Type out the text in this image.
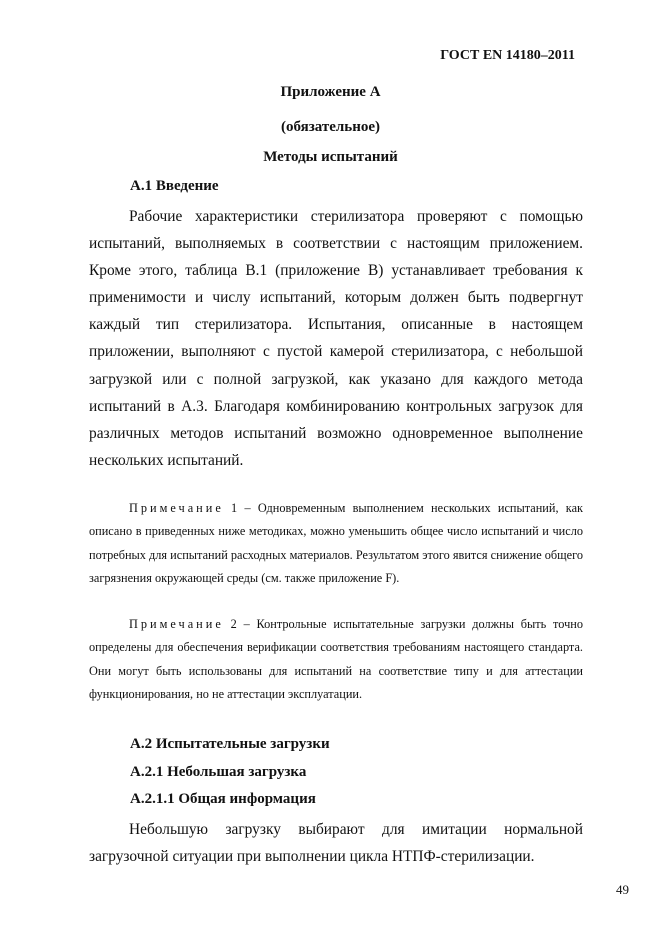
ГОСТ EN 14180–2011
Приложение А
(обязательное)
Методы испытаний
А.1 Введение
Рабочие характеристики стерилизатора проверяют с помощью испытаний, выполняемых в соответствии с настоящим приложением. Кроме этого, таблица В.1 (приложение В) устанавливает требования к применимости и числу испытаний, которым должен быть подвергнут каждый тип стерилизатора. Испытания, описанные в настоящем приложении, выполняют с пустой камерой стерилизатора, с небольшой загрузкой или с полной загрузкой, как указано для каждого метода испытаний в А.3. Благодаря комбинированию контрольных загрузок для различных методов испытаний возможно одновременное выполнение нескольких испытаний.
Примечание 1 – Одновременным выполнением нескольких испытаний, как описано в приведенных ниже методиках, можно уменьшить общее число испытаний и число потребных для испытаний расходных материалов. Результатом этого явится снижение общего загрязнения окружающей среды (см. также приложение F).
Примечание 2 – Контрольные испытательные загрузки должны быть точно определены для обеспечения верификации соответствия требованиям настоящего стандарта. Они могут быть использованы для испытаний на соответствие типу и для аттестации функционирования, но не аттестации эксплуатации.
А.2 Испытательные загрузки
А.2.1 Небольшая загрузка
А.2.1.1 Общая информация
Небольшую загрузку выбирают для имитации нормальной загрузочной ситуации при выполнении цикла НТПФ-стерилизации.
49
